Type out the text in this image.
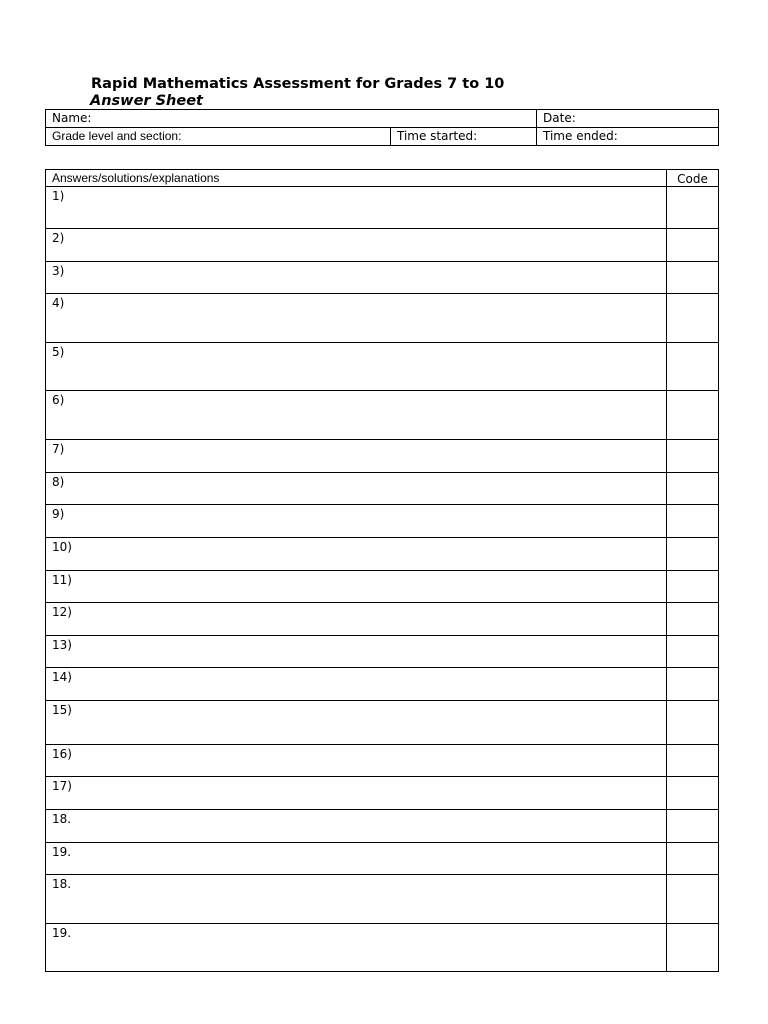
Rapid Mathematics Assessment for Grades 7 to 10
Answer Sheet
Name:		Date:
Grade level and section:	Time started:	Time ended:
Answers/solutions/explanations	Code
1)	
2)	
3)	
4)	
5)	
6)	
7)	
8)	
9)	
10)	
11)	
12)	
13)	
14)	
15)	
16)	
17)	
18.	
19.	
18.	
19.	
